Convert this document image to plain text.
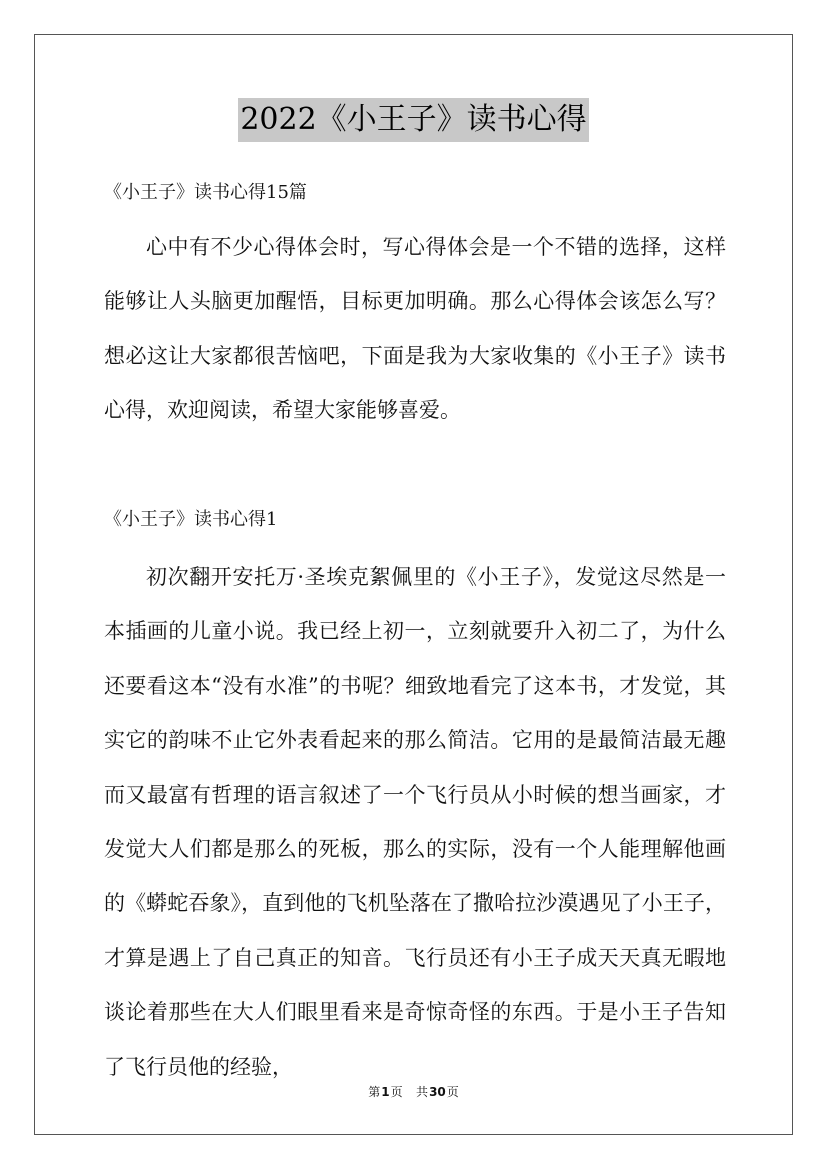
2022《小王子》读书心得
《小王子》读书心得15篇

心中有不少心得体会时，写心得体会是一个不错的选择，这样能够让人头脑更加醒悟，目标更加明确。那么心得体会该怎么写？想必这让大家都很苦恼吧，下面是我为大家收集的《小王子》读书心得，欢迎阅读，希望大家能够喜爱。

《小王子》读书心得1

初次翻开安托万·圣埃克絮佩里的《小王子》，发觉这尽然是一本插画的儿童小说。我已经上初一，立刻就要升入初二了，为什么还要看这本“没有水准”的书呢？细致地看完了这本书，才发觉，其实它的韵味不止它外表看起来的那么简洁。它用的是最简洁最无趣而又最富有哲理的语言叙述了一个飞行员从小时候的想当画家，才发觉大人们都是那么的死板，那么的实际，没有一个人能理解他画的《蟒蛇吞象》，直到他的飞机坠落在了撒哈拉沙漠遇见了小王子，才算是遇上了自己真正的知音。飞行员还有小王子成天天真无暇地谈论着那些在大人们眼里看来是奇惊奇怪的东西。于是小王子告知了飞行员他的经验，

第1页 共30页
